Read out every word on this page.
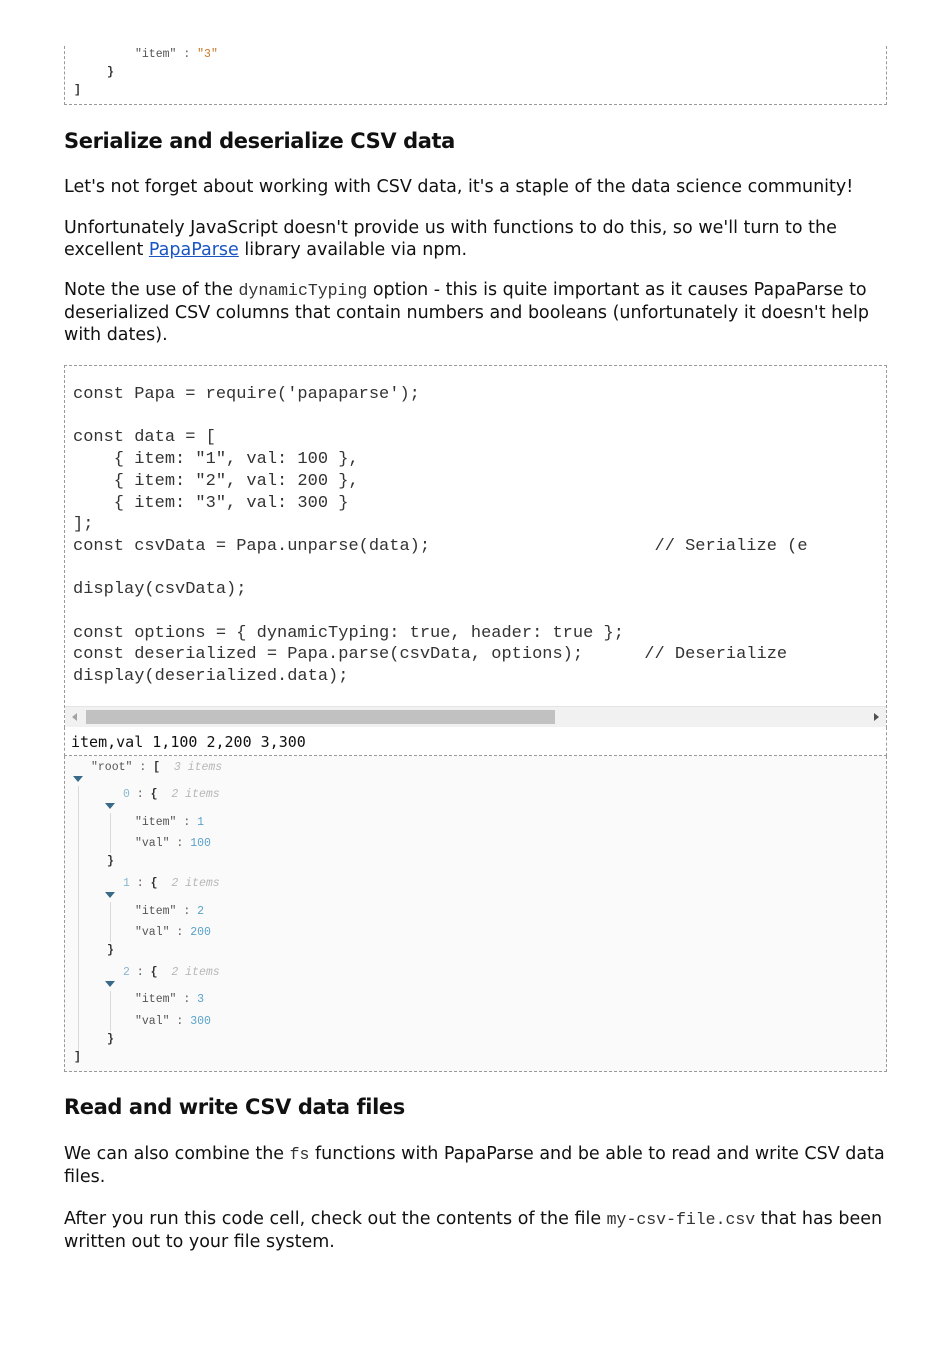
"item" : "3"
}
]
Serialize and deserialize CSV data

Let's not forget about working with CSV data, it's a staple of the data science community!

Unfortunately JavaScript doesn't provide us with functions to do this, so we'll turn to the excellent PapaParse library available via npm.

Note the use of the dynamicTyping option - this is quite important as it causes PapaParse to deserialized CSV columns that contain numbers and booleans (unfortunately it doesn't help with dates).

const Papa = require('papaparse');

const data = [
{ item: "1", val: 100 },
{ item: "2", val: 200 },
{ item: "3", val: 300 }
];
const csvData = Papa.unparse(data);                      // Serialize (e

display(csvData);

const options = { dynamicTyping: true, header: true };
const deserialized = Papa.parse(csvData, options);      // Deserialize
display(deserialized.data);
item,val 1,100 2,200 3,300
"root" : [ 3 items
0 : { 2 items
"item" : 1
"val" : 100
}
1 : { 2 items
"item" : 2
"val" : 200
}
2 : { 2 items
"item" : 3
"val" : 300
}
]
Read and write CSV data files

We can also combine the fs functions with PapaParse and be able to read and write CSV data files.

After you run this code cell, check out the contents of the file my-csv-file.csv that has been written out to your file system.
